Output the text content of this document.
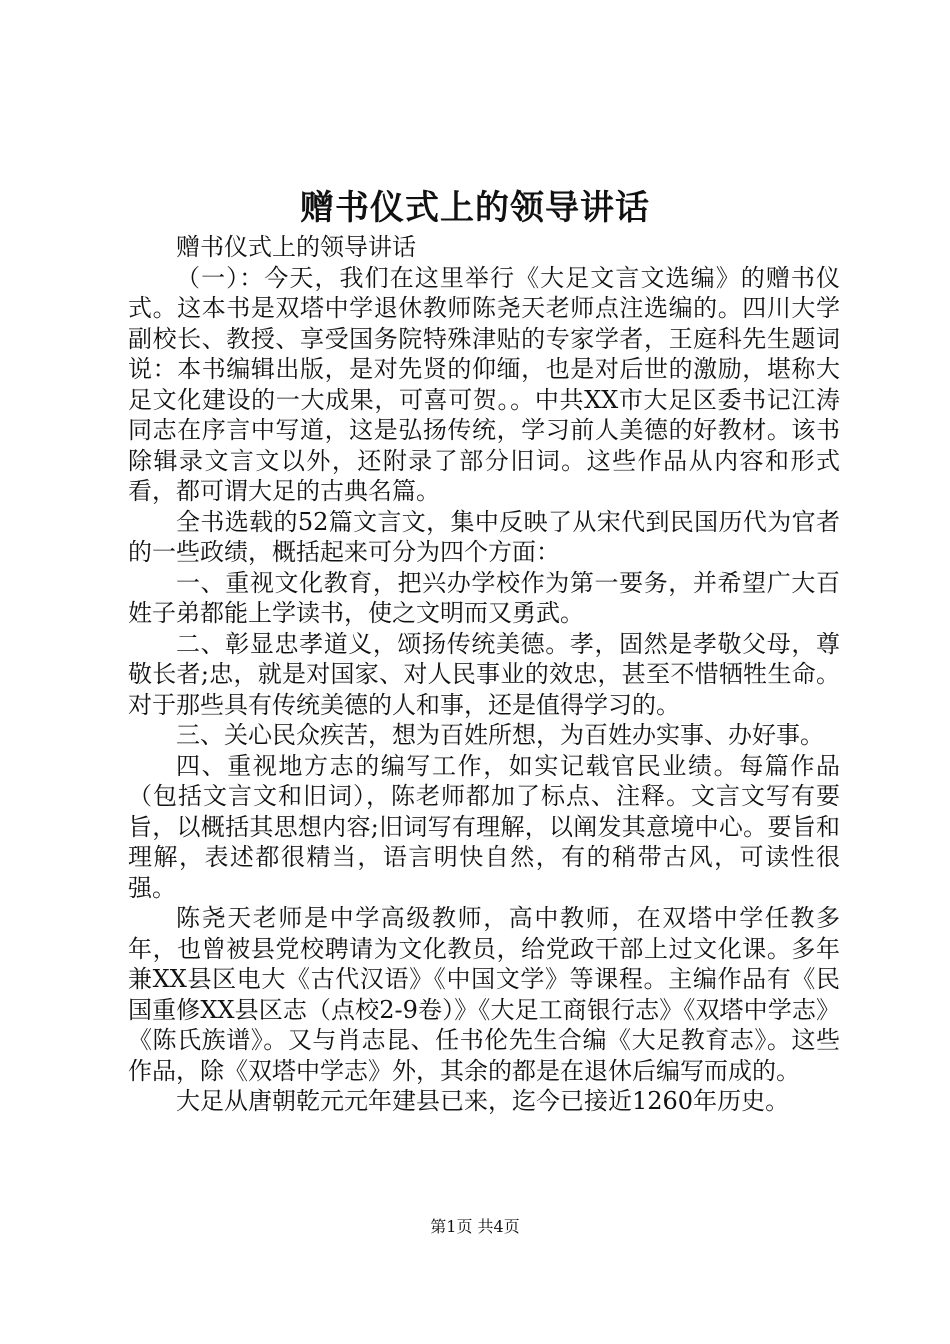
赠书仪式上的领导讲话

赠书仪式上的领导讲话

（一）：今天，我们在这里举行《大足文言文选编》的赠书仪式。这本书是双塔中学退休教师陈尧天老师点注选编的。四川大学副校长、教授、享受国务院特殊津贴的专家学者，王庭科先生题词说：本书编辑出版，是对先贤的仰缅，也是对后世的激励，堪称大足文化建设的一大成果，可喜可贺。。中共XX市大足区委书记江涛同志在序言中写道，这是弘扬传统，学习前人美德的好教材。该书除辑录文言文以外，还附录了部分旧词。这些作品从内容和形式看，都可谓大足的古典名篇。

全书选载的52篇文言文，集中反映了从宋代到民国历代为官者的一些政绩，概括起来可分为四个方面：

一、重视文化教育，把兴办学校作为第一要务，并希望广大百姓子弟都能上学读书，使之文明而又勇武。

二、彰显忠孝道义，颂扬传统美德。孝，固然是孝敬父母，尊敬长者;忠，就是对国家、对人民事业的效忠，甚至不惜牺牲生命。对于那些具有传统美德的人和事，还是值得学习的。

三、关心民众疾苦，想为百姓所想，为百姓办实事、办好事。

四、重视地方志的编写工作，如实记载官民业绩。每篇作品（包括文言文和旧词），陈老师都加了标点、注释。文言文写有要旨，以概括其思想内容;旧词写有理解，以阐发其意境中心。要旨和理解，表述都很精当，语言明快自然，有的稍带古风，可读性很强。

陈尧天老师是中学高级教师，高中教师，在双塔中学任教多年，也曾被县党校聘请为文化教员，给党政干部上过文化课。多年兼XX县区电大《古代汉语》《中国文学》等课程。主编作品有《民国重修XX县区志（点校2-9卷）》《大足工商银行志》《双塔中学志》《陈氏族谱》。又与肖志昆、任书伦先生合编《大足教育志》。这些作品，除《双塔中学志》外，其余的都是在退休后编写而成的。

大足从唐朝乾元元年建县已来，迄今已接近1260年历史。

第1页 共4页
